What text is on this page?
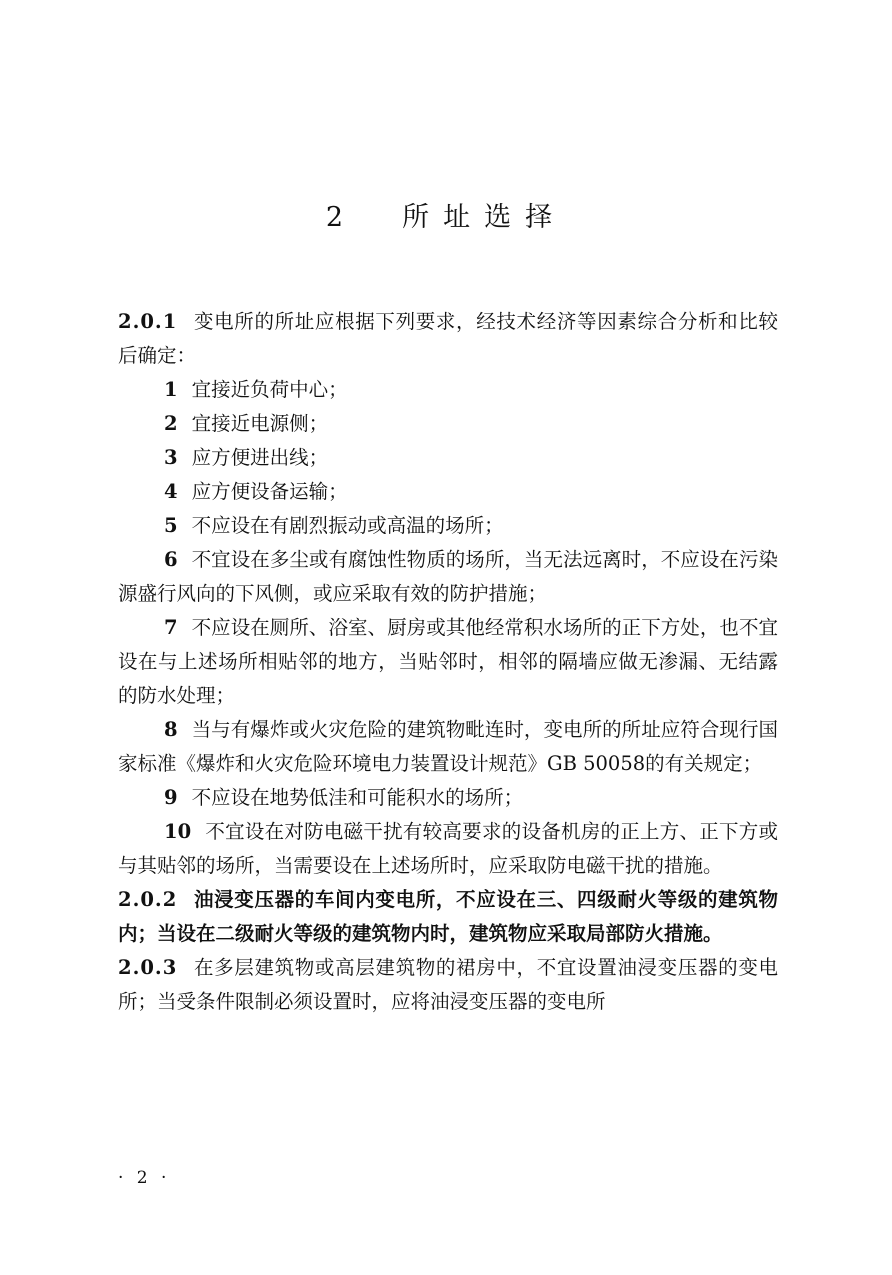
2 所址选择

2.0.1 变电所的所址应根据下列要求，经技术经济等因素综合分析和比较后确定：

1 宜接近负荷中心；

2 宜接近电源侧；

3 应方便进出线；

4 应方便设备运输；

5 不应设在有剧烈振动或高温的场所；

6 不宜设在多尘或有腐蚀性物质的场所，当无法远离时，不应设在污染源盛行风向的下风侧，或应采取有效的防护措施；

7 不应设在厕所、浴室、厨房或其他经常积水场所的正下方处，也不宜设在与上述场所相贴邻的地方，当贴邻时，相邻的隔墙应做无渗漏、无结露的防水处理；

8 当与有爆炸或火灾危险的建筑物毗连时，变电所的所址应符合现行国家标准《爆炸和火灾危险环境电力装置设计规范》GB 50058的有关规定；

9 不应设在地势低洼和可能积水的场所；

10 不宜设在对防电磁干扰有较高要求的设备机房的正上方、正下方或与其贴邻的场所，当需要设在上述场所时，应采取防电磁干扰的措施。

2.0.2 油浸变压器的车间内变电所，不应设在三、四级耐火等级的建筑物内；当设在二级耐火等级的建筑物内时，建筑物应采取局部防火措施。

2.0.3 在多层建筑物或高层建筑物的裙房中，不宜设置油浸变压器的变电所；当受条件限制必须设置时，应将油浸变压器的变电所

· 2 ·
